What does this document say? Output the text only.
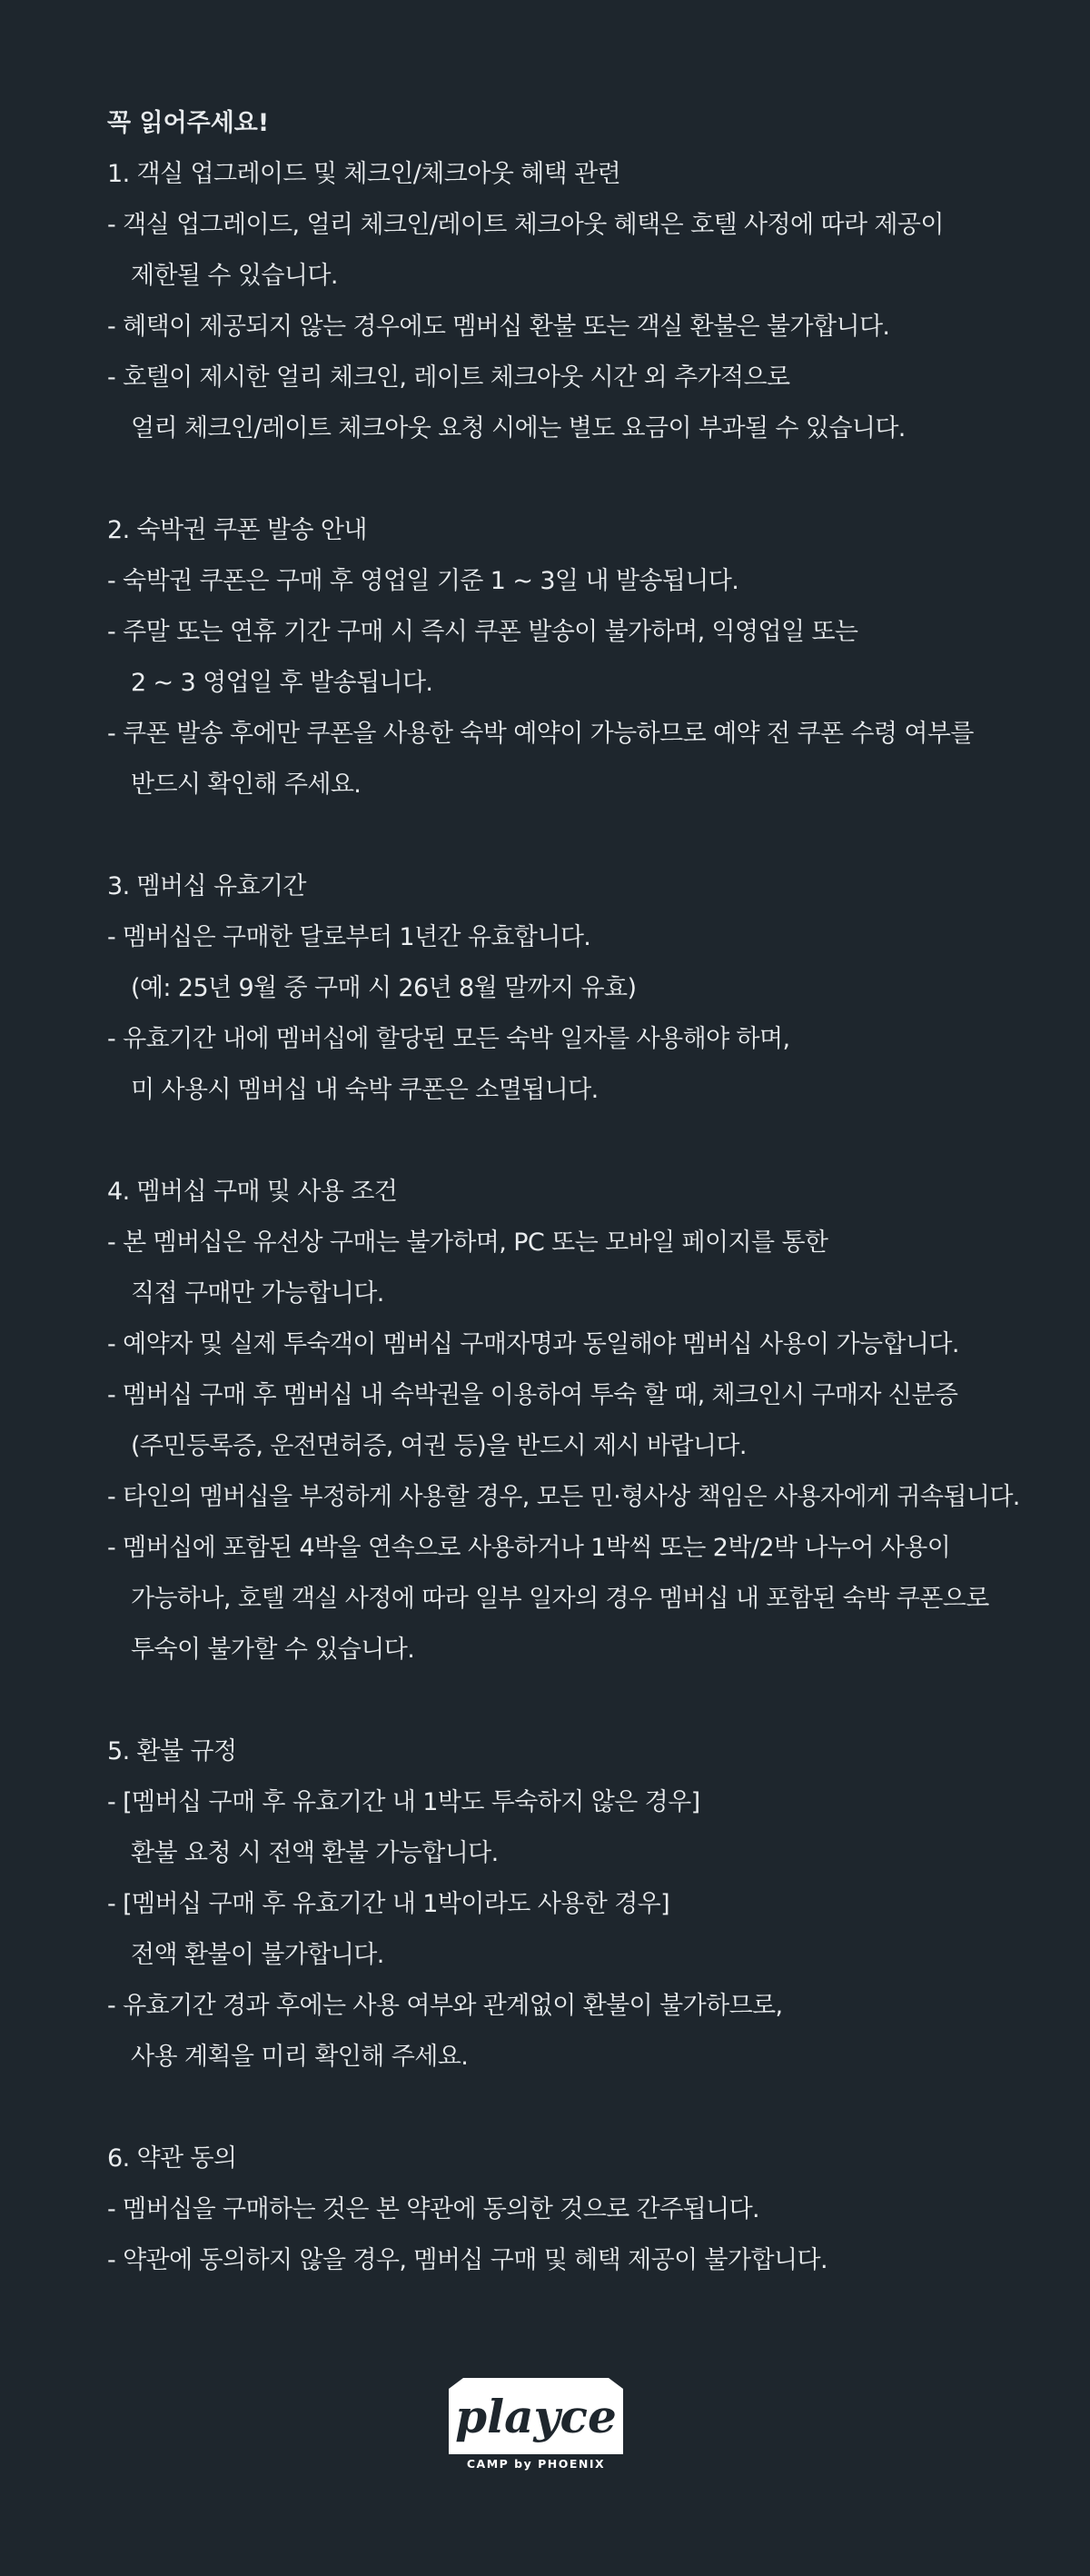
꼭 읽어주세요!

1. 객실 업그레이드 및 체크인/체크아웃 혜택 관련

- 객실 업그레이드, 얼리 체크인/레이트 체크아웃 혜택은 호텔 사정에 따라 제공이

제한될 수 있습니다.

- 혜택이 제공되지 않는 경우에도 멤버십 환불 또는 객실 환불은 불가합니다.

- 호텔이 제시한 얼리 체크인, 레이트 체크아웃 시간 외 추가적으로

얼리 체크인/레이트 체크아웃 요청 시에는 별도 요금이 부과될 수 있습니다.

2. 숙박권 쿠폰 발송 안내

- 숙박권 쿠폰은 구매 후 영업일 기준 1 ~ 3일 내 발송됩니다.

- 주말 또는 연휴 기간 구매 시 즉시 쿠폰 발송이 불가하며, 익영업일 또는

2 ~ 3 영업일 후 발송됩니다.

- 쿠폰 발송 후에만 쿠폰을 사용한 숙박 예약이 가능하므로 예약 전 쿠폰 수령 여부를

반드시 확인해 주세요.

3. 멤버십 유효기간

- 멤버십은 구매한 달로부터 1년간 유효합니다.

(예: 25년 9월 중 구매 시 26년 8월 말까지 유효)

- 유효기간 내에 멤버십에 할당된 모든 숙박 일자를 사용해야 하며,

미 사용시 멤버십 내 숙박 쿠폰은 소멸됩니다.

4. 멤버십 구매 및 사용 조건

- 본 멤버십은 유선상 구매는 불가하며, PC 또는 모바일 페이지를 통한

직접 구매만 가능합니다.

- 예약자 및 실제 투숙객이 멤버십 구매자명과 동일해야 멤버십 사용이 가능합니다.

- 멤버십 구매 후 멤버십 내 숙박권을 이용하여 투숙 할 때, 체크인시 구매자 신분증

(주민등록증, 운전면허증, 여권 등)을 반드시 제시 바랍니다.

- 타인의 멤버십을 부정하게 사용할 경우, 모든 민·형사상 책임은 사용자에게 귀속됩니다.

- 멤버십에 포함된 4박을 연속으로 사용하거나 1박씩 또는 2박/2박 나누어 사용이

가능하나, 호텔 객실 사정에 따라 일부 일자의 경우 멤버십 내 포함된 숙박 쿠폰으로

투숙이 불가할 수 있습니다.

5. 환불 규정

- [멤버십 구매 후 유효기간 내 1박도 투숙하지 않은 경우]

환불 요청 시 전액 환불 가능합니다.

- [멤버십 구매 후 유효기간 내 1박이라도 사용한 경우]

전액 환불이 불가합니다.

- 유효기간 경과 후에는 사용 여부와 관계없이 환불이 불가하므로,

사용 계획을 미리 확인해 주세요.

6. 약관 동의

- 멤버십을 구매하는 것은 본 약관에 동의한 것으로 간주됩니다.

- 약관에 동의하지 않을 경우, 멤버십 구매 및 혜택 제공이 불가합니다.

playce
CAMP by PHOENIX
